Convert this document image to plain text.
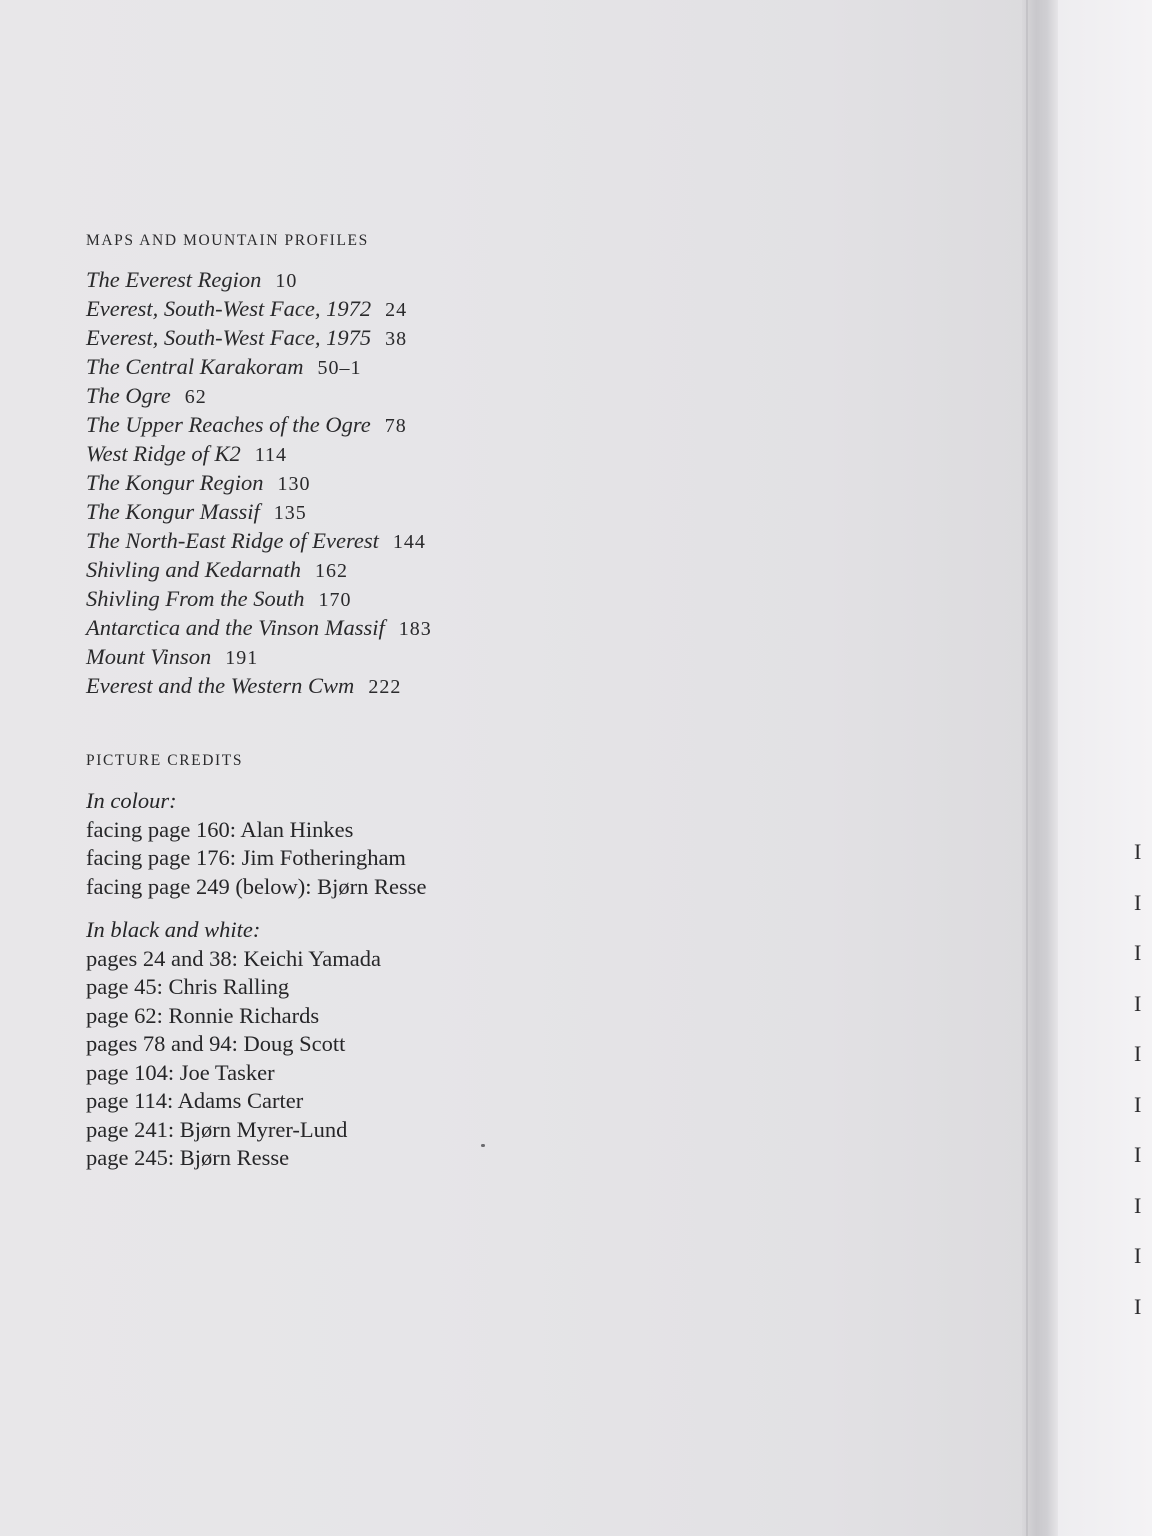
MAPS AND MOUNTAIN PROFILES
The Everest Region 10
Everest, South-West Face, 1972 24
Everest, South-West Face, 1975 38
The Central Karakoram 50–1
The Ogre 62
The Upper Reaches of the Ogre 78
West Ridge of K2 114
The Kongur Region 130
The Kongur Massif 135
The North-East Ridge of Everest 144
Shivling and Kedarnath 162
Shivling From the South 170
Antarctica and the Vinson Massif 183
Mount Vinson 191
Everest and the Western Cwm 222
PICTURE CREDITS
In colour:
facing page 160: Alan Hinkes
facing page 176: Jim Fotheringham
facing page 249 (below): Bjørn Resse
In black and white:
pages 24 and 38: Keichi Yamada
page 45: Chris Ralling
page 62: Ronnie Richards
pages 78 and 94: Doug Scott
page 104: Joe Tasker
page 114: Adams Carter
page 241: Bjørn Myrer-Lund
page 245: Bjørn Resse
I
I
I
I
I
I
I
I
I
I
